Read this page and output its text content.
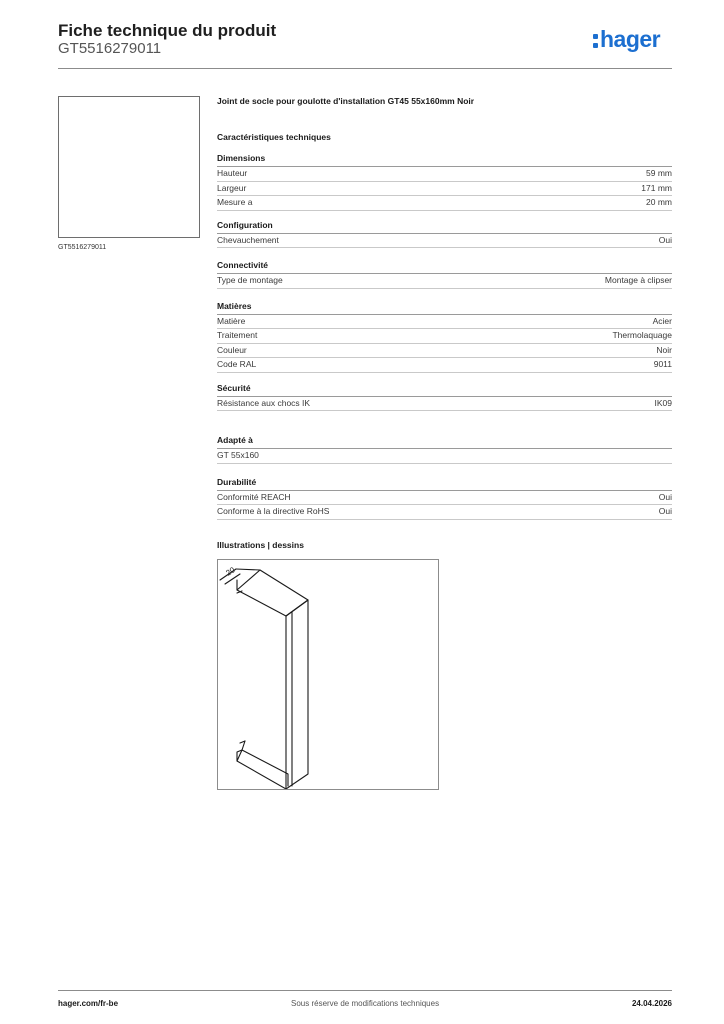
Fiche technique du produit
GT5516279011	hager
GT5516279011
Joint de socle pour goulotte d'installation GT45 55x160mm Noir
Caractéristiques techniques
Dimensions
Hauteur	59 mm
Largeur	171 mm
Mesure a	20 mm
Configuration
Chevauchement	Oui
Connectivité
Type de montage	Montage à clipser
Matières
Matière	Acier
Traitement	Thermolaquage
Couleur	Noir
Code RAL	9011
Sécurité
Résistance aux chocs IK	IK09
Adapté à
GT 55x160
Durabilité
Conformité REACH	Oui
Conforme à la directive RoHS	Oui
Illustrations | dessins
20
hager.com/fr-be	Sous réserve de modifications techniques	24.04.2026
